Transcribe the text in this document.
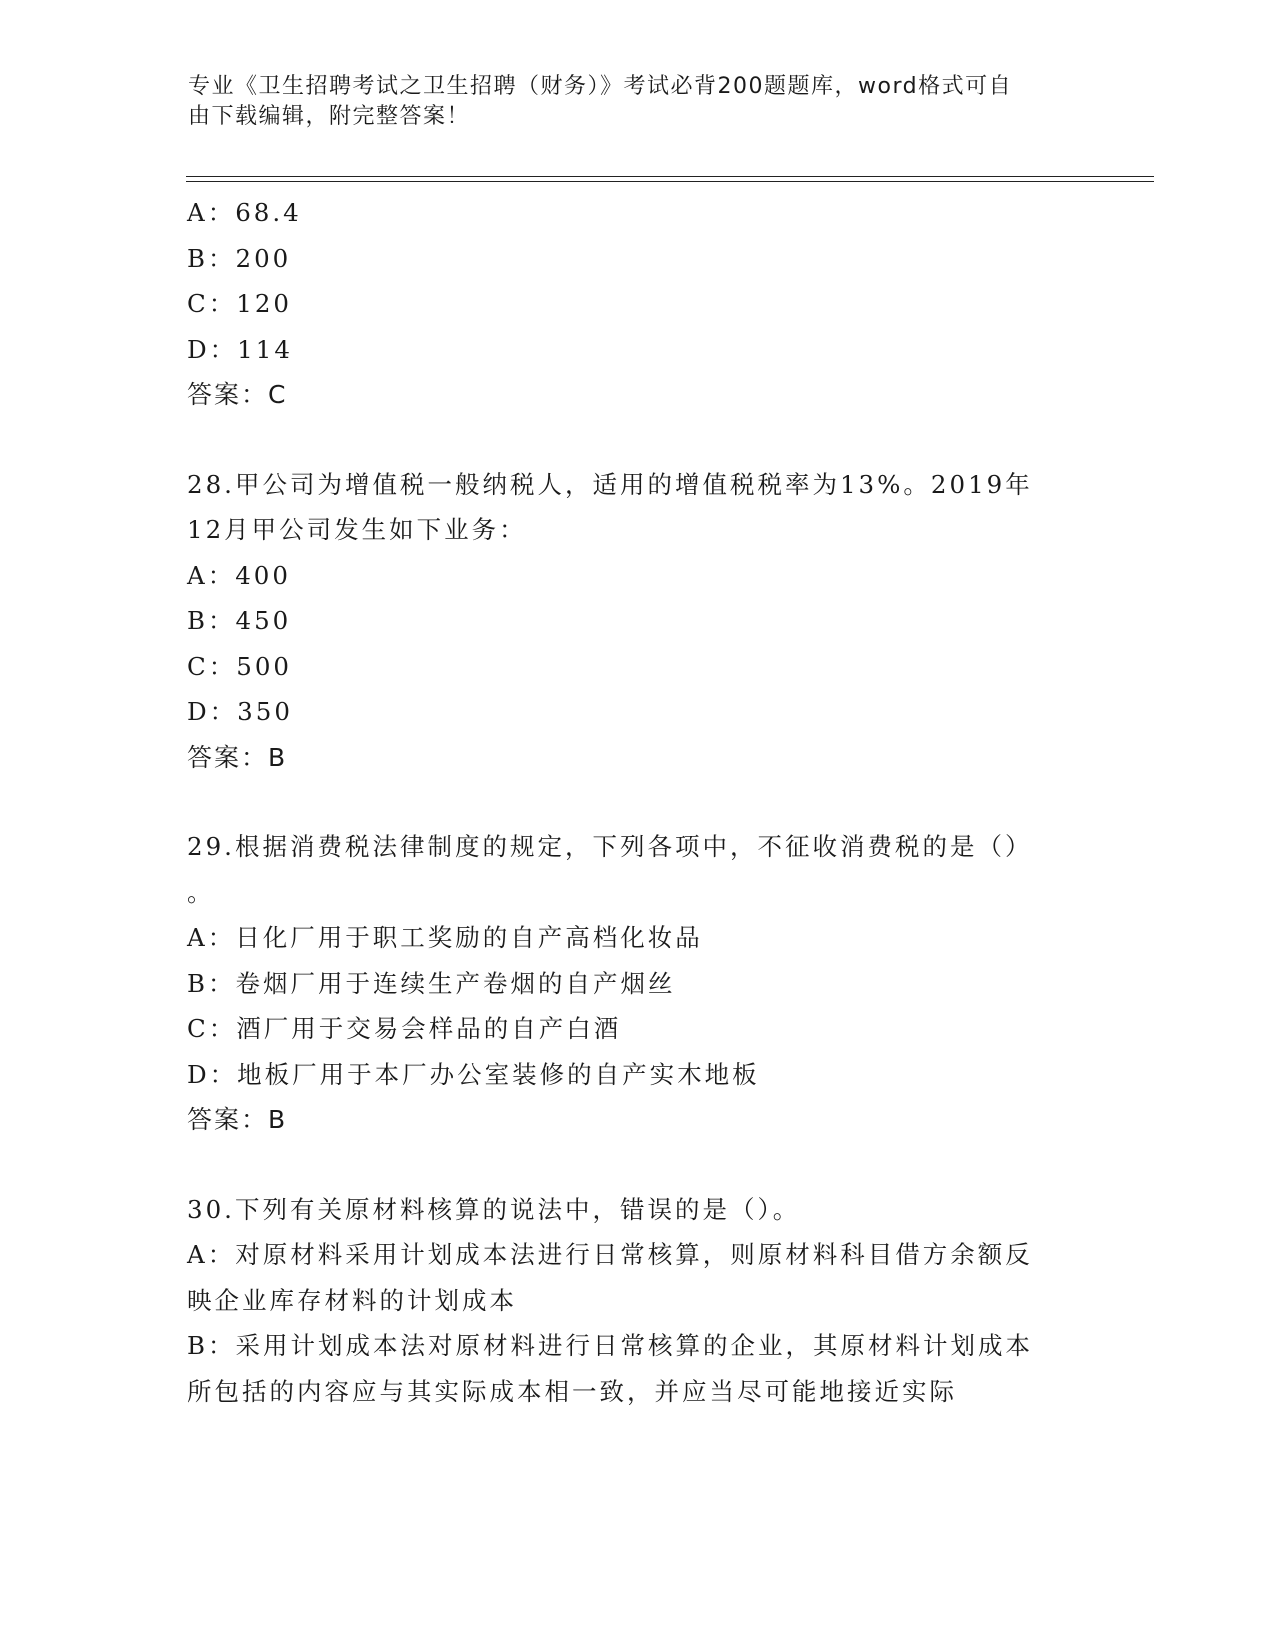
专业《卫生招聘考试之卫生招聘（财务）》考试必背200题题库，word格式可自
由下载编辑，附完整答案！
A：68.4
B：200
C：120
D：114
答案：C
28.甲公司为增值税一般纳税人，适用的增值税税率为13%。2019年
12月甲公司发生如下业务：
A：400
B：450
C：500
D：350
答案：B
29.根据消费税法律制度的规定，下列各项中，不征收消费税的是（）
。
A：日化厂用于职工奖励的自产高档化妆品
B：卷烟厂用于连续生产卷烟的自产烟丝
C：酒厂用于交易会样品的自产白酒
D：地板厂用于本厂办公室装修的自产实木地板
答案：B
30.下列有关原材料核算的说法中，错误的是（）。
A：对原材料采用计划成本法进行日常核算，则原材料科目借方余额反
映企业库存材料的计划成本
B：采用计划成本法对原材料进行日常核算的企业，其原材料计划成本
所包括的内容应与其实际成本相一致，并应当尽可能地接近实际
